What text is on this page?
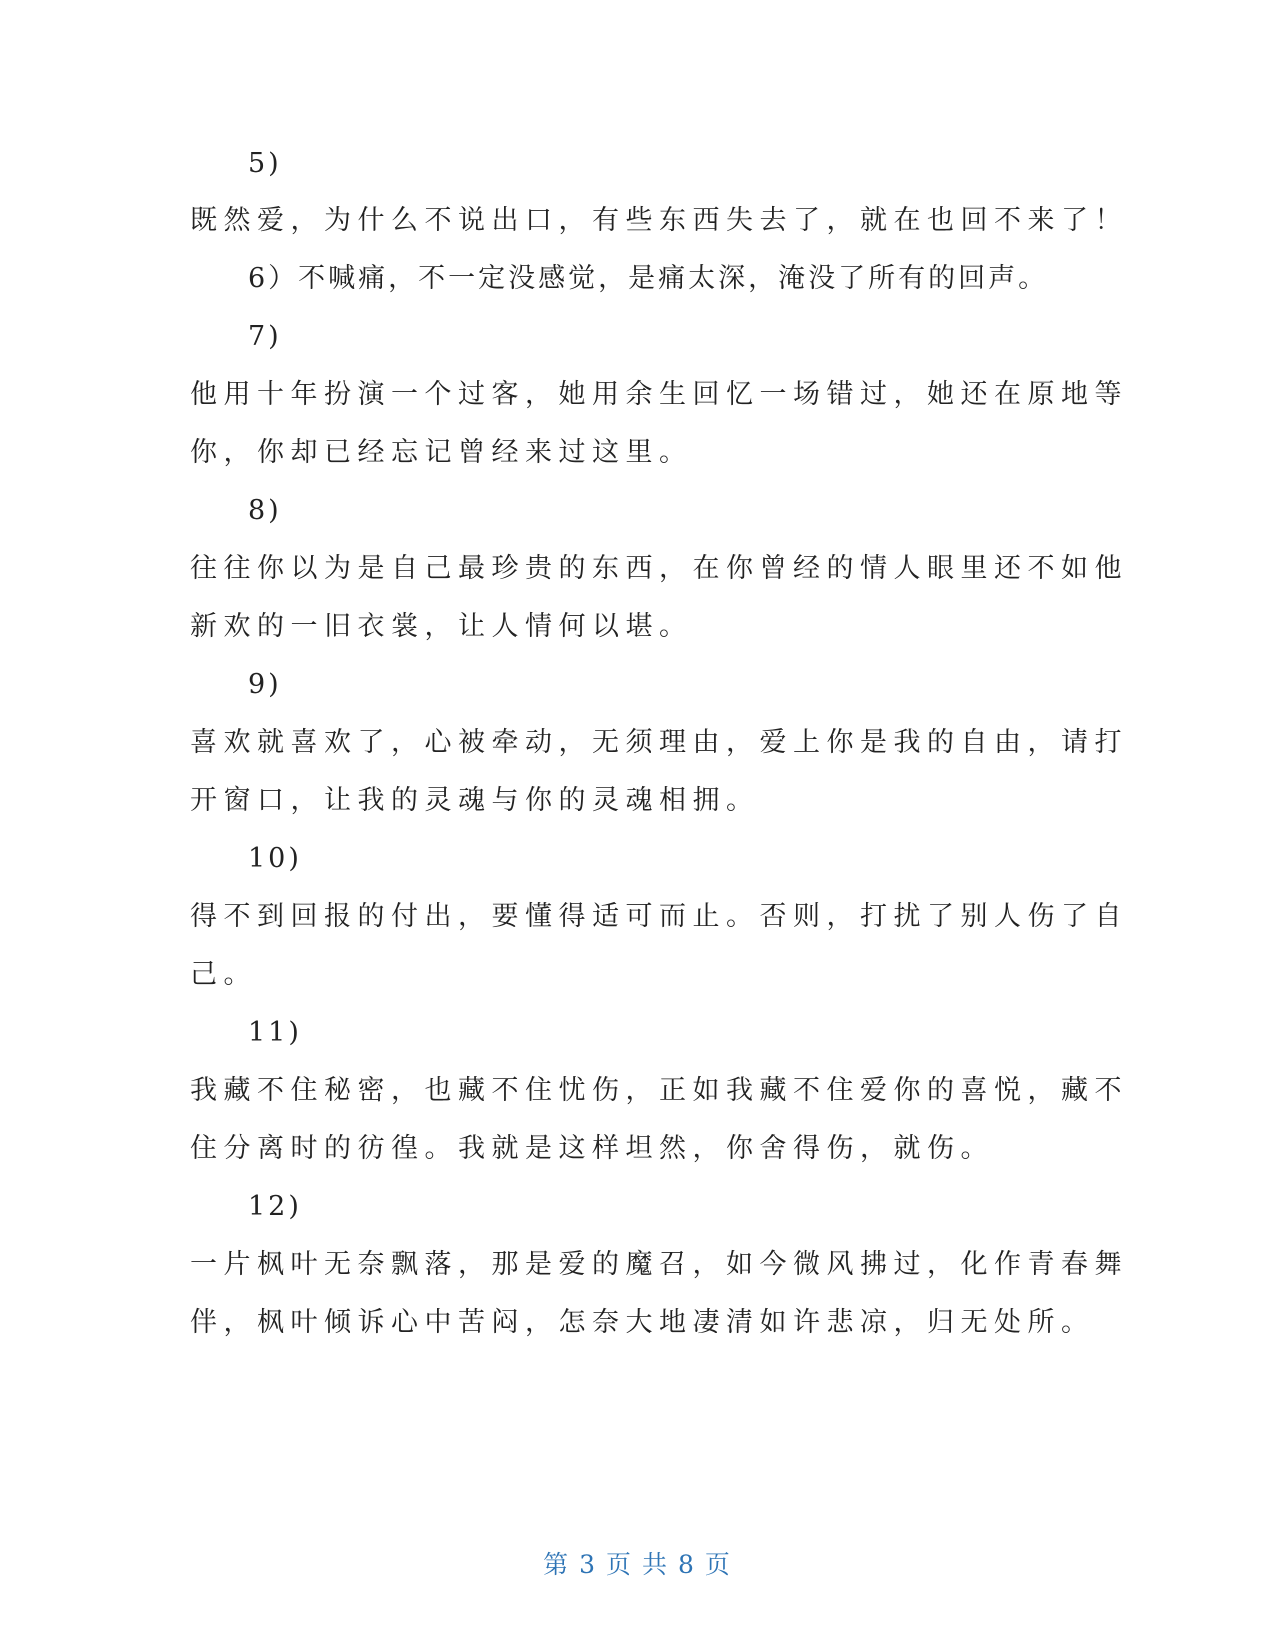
5)
既然爱，为什么不说出口，有些东西失去了，就在也回不来了！
6）不喊痛，不一定没感觉，是痛太深，淹没了所有的回声。
7)
他用十年扮演一个过客，她用余生回忆一场错过，她还在原地等
你，你却已经忘记曾经来过这里。
8)
往往你以为是自己最珍贵的东西，在你曾经的情人眼里还不如他
新欢的一旧衣裳，让人情何以堪。
9)
喜欢就喜欢了，心被牵动，无须理由，爱上你是我的自由，请打
开窗口，让我的灵魂与你的灵魂相拥。
10)
得不到回报的付出，要懂得适可而止。否则，打扰了别人伤了自
己。
11)
我藏不住秘密，也藏不住忧伤，正如我藏不住爱你的喜悦，藏不
住分离时的彷徨。我就是这样坦然，你舍得伤，就伤。
12)
一片枫叶无奈飘落，那是爱的魔召，如今微风拂过，化作青春舞
伴，枫叶倾诉心中苦闷，怎奈大地凄清如许悲凉，归无处所。
第 3 页 共 8 页
